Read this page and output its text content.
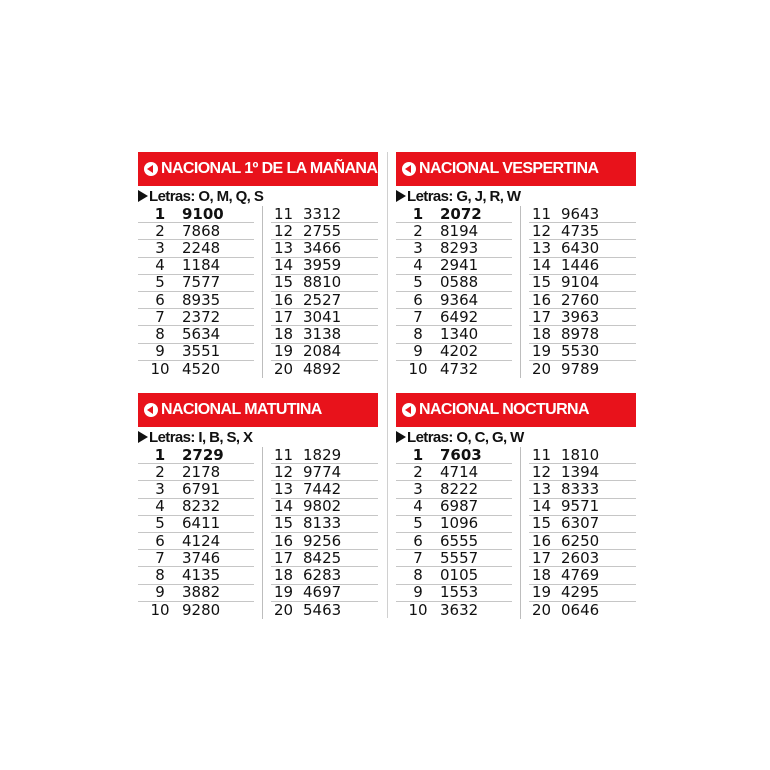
NACIONAL 1º DE LA MAÑANA
Letras: O, M, Q, S
1	9100
2	7868
3	2248
4	1184
5	7577
6	8935
7	2372
8	5634
9	3551
10 4520
11 3312
12 2755
13 3466
14 3959
15 8810
16 2527
17 3041
18 3138
19 2084
20 4892
NACIONAL VESPERTINA
Letras: G, J, R, W
1	2072
2	8194
3	8293
4	2941
5	0588
6	9364
7	6492
8	1340
9	4202
10 4732
11 9643
12 4735
13 6430
14 1446
15 9104
16 2760
17 3963
18 8978
19 5530
20 9789
NACIONAL MATUTINA
Letras: I, B, S, X
1	2729
2	2178
3	6791
4	8232
5	6411
6	4124
7	3746
8	4135
9	3882
10 9280
11 1829
12 9774
13 7442
14 9802
15 8133
16 9256
17 8425
18 6283
19 4697
20 5463
NACIONAL NOCTURNA
Letras: O, C, G, W
1	7603
2	4714
3	8222
4	6987
5	1096
6	6555
7	5557
8	0105
9	1553
10 3632
11 1810
12 1394
13 8333
14 9571
15 6307
16 6250
17 2603
18 4769
19 4295
20 0646
